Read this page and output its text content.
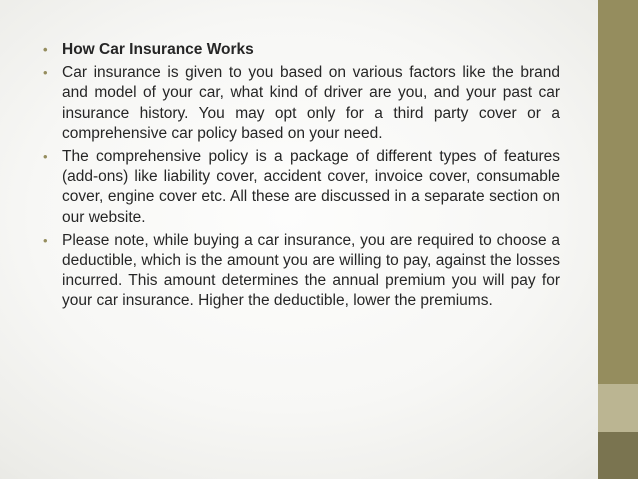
• How Car Insurance Works
• Car insurance is given to you based on various factors like the brand and model of your car, what kind of driver are you, and your past car insurance history. You may opt only for a third party cover or a comprehensive car policy based on your need.
• The comprehensive policy is a package of different types of features (add-ons) like liability cover, accident cover, invoice cover, consumable cover, engine cover etc. All these are discussed in a separate section on our website.
• Please note, while buying a car insurance, you are required to choose a deductible, which is the amount you are willing to pay, against the losses incurred. This amount determines the annual premium you will pay for your car insurance. Higher the deductible, lower the premiums.
